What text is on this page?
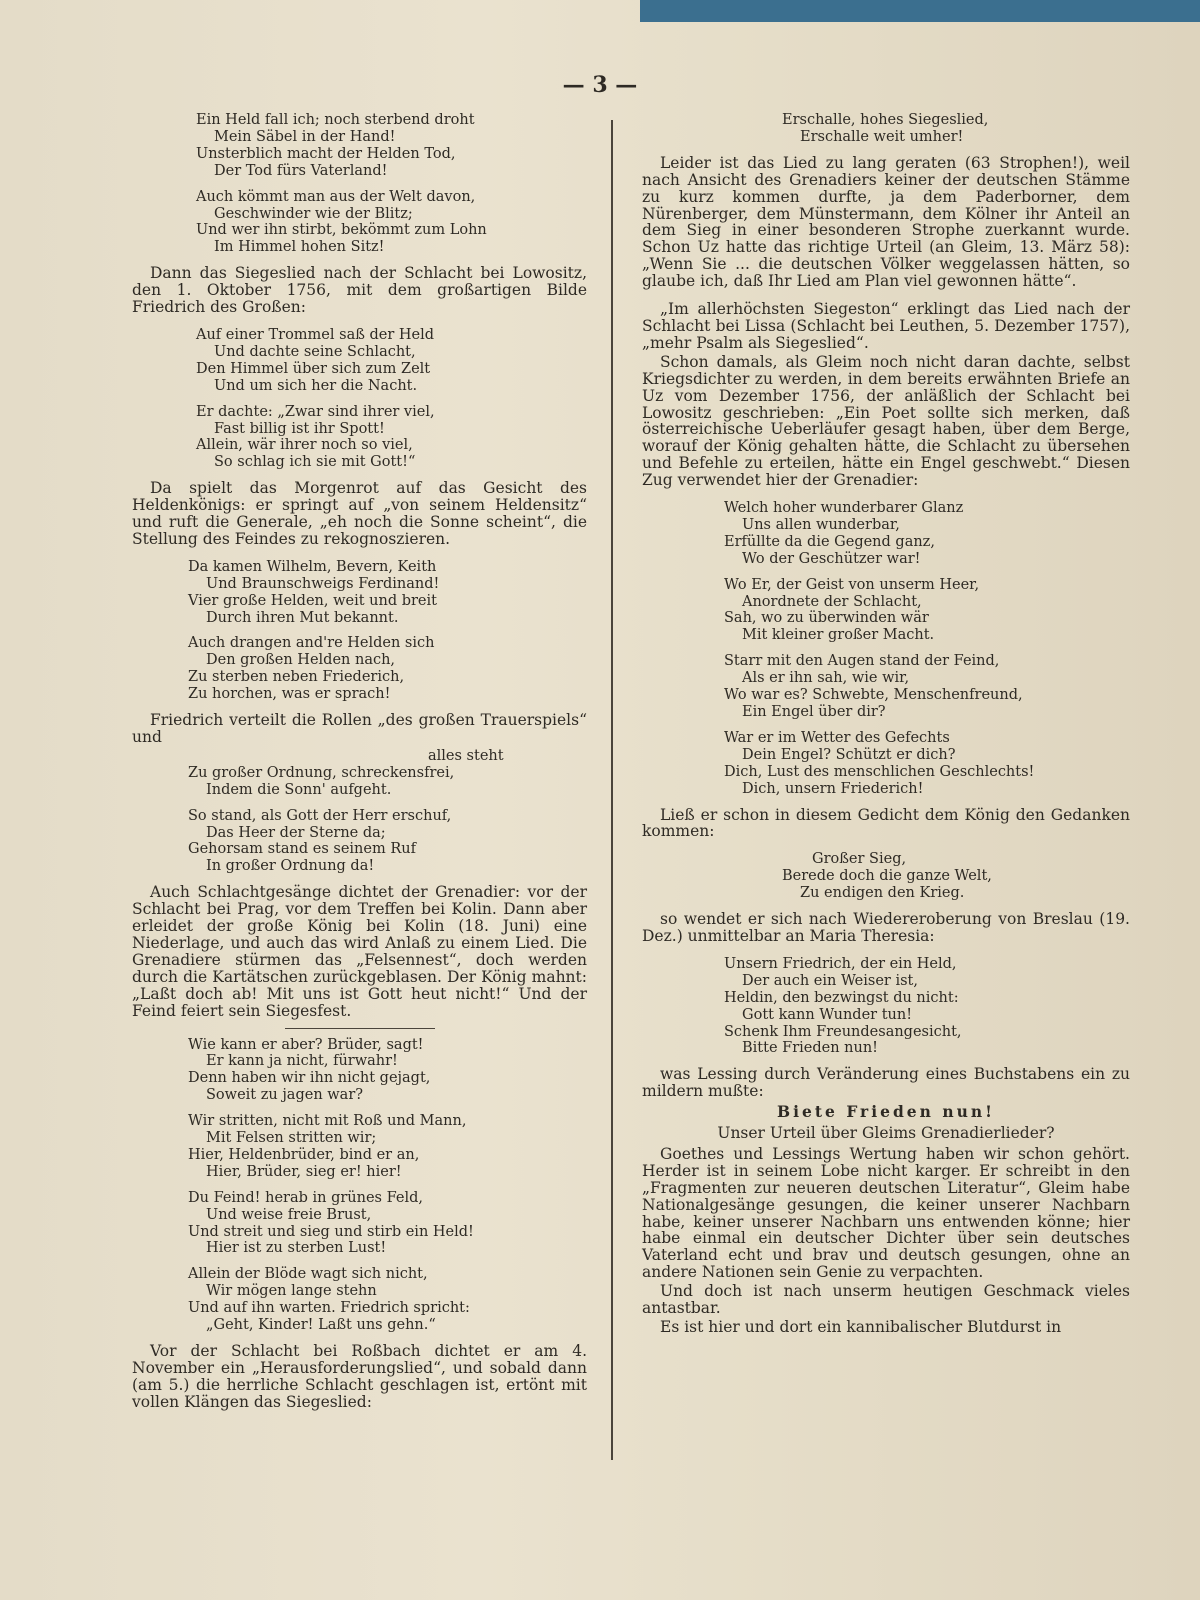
— 3 —
Ein Held fall ich; noch sterbend droht
Mein Säbel in der Hand!
Unsterblich macht der Helden Tod,
Der Tod fürs Vaterland!
Auch kömmt man aus der Welt davon,
Geschwinder wie der Blitz;
Und wer ihn stirbt, bekömmt zum Lohn
Im Himmel hohen Sitz!

Dann das Siegeslied nach der Schlacht bei Lowositz, den 1. Oktober 1756, mit dem großartigen Bilde Friedrich des Großen:

Auf einer Trommel saß der Held
Und dachte seine Schlacht,
Den Himmel über sich zum Zelt
Und um sich her die Nacht.
Er dachte: „Zwar sind ihrer viel,
Fast billig ist ihr Spott!
Allein, wär ihrer noch so viel,
So schlag ich sie mit Gott!“

Da spielt das Morgenrot auf das Gesicht des Heldenkönigs: er springt auf „von seinem Heldensitz“ und ruft die Generale, „eh noch die Sonne scheint“, die Stellung des Feindes zu rekognoszieren.

Da kamen Wilhelm, Bevern, Keith
Und Braunschweigs Ferdinand!
Vier große Helden, weit und breit
Durch ihren Mut bekannt.
Auch drangen and're Helden sich
Den großen Helden nach,
Zu sterben neben Friederich,
Zu horchen, was er sprach!

Friedrich verteilt die Rollen „des großen Trauerspiels“ und

alles steht
Zu großer Ordnung, schreckensfrei,
Indem die Sonn' aufgeht.
So stand, als Gott der Herr erschuf,
Das Heer der Sterne da;
Gehorsam stand es seinem Ruf
In großer Ordnung da!

Auch Schlachtgesänge dichtet der Grenadier: vor der Schlacht bei Prag, vor dem Treffen bei Kolin. Dann aber erleidet der große König bei Kolin (18. Juni) eine Niederlage, und auch das wird Anlaß zu einem Lied. Die Grenadiere stürmen das „Felsennest“, doch werden durch die Kartätschen zurückgeblasen. Der König mahnt: „Laßt doch ab! Mit uns ist Gott heut nicht!“ Und der Feind feiert sein Siegesfest.

Wie kann er aber? Brüder, sagt!
Er kann ja nicht, fürwahr!
Denn haben wir ihn nicht gejagt,
Soweit zu jagen war?
Wir stritten, nicht mit Roß und Mann,
Mit Felsen stritten wir;
Hier, Heldenbrüder, bind er an,
Hier, Brüder, sieg er! hier!
Du Feind! herab in grünes Feld,
Und weise freie Brust,
Und streit und sieg und stirb ein Held!
Hier ist zu sterben Lust!
Allein der Blöde wagt sich nicht,
Wir mögen lange stehn
Und auf ihn warten. Friedrich spricht:
„Geht, Kinder! Laßt uns gehn.“

Vor der Schlacht bei Roßbach dichtet er am 4. November ein „Herausforderungslied“, und sobald dann (am 5.) die herrliche Schlacht geschlagen ist, ertönt mit vollen Klängen das Siegeslied:

Erschalle, hohes Siegeslied,
Erschalle weit umher!

Leider ist das Lied zu lang geraten (63 Strophen!), weil nach Ansicht des Grenadiers keiner der deutschen Stämme zu kurz kommen durfte, ja dem Paderborner, dem Nürenberger, dem Münstermann, dem Kölner ihr Anteil an dem Sieg in einer besonderen Strophe zuerkannt wurde. Schon Uz hatte das richtige Urteil (an Gleim, 13. März 58): „Wenn Sie ... die deutschen Völker weggelassen hätten, so glaube ich, daß Ihr Lied am Plan viel gewonnen hätte“.

„Im allerhöchsten Siegeston“ erklingt das Lied nach der Schlacht bei Lissa (Schlacht bei Leuthen, 5. Dezember 1757), „mehr Psalm als Siegeslied“.

Schon damals, als Gleim noch nicht daran dachte, selbst Kriegsdichter zu werden, in dem bereits erwähnten Briefe an Uz vom Dezember 1756, der anläßlich der Schlacht bei Lowositz geschrieben: „Ein Poet sollte sich merken, daß österreichische Ueberläufer gesagt haben, über dem Berge, worauf der König gehalten hätte, die Schlacht zu übersehen und Befehle zu erteilen, hätte ein Engel geschwebt.“ Diesen Zug verwendet hier der Grenadier:

Welch hoher wunderbarer Glanz
Uns allen wunderbar,
Erfüllte da die Gegend ganz,
Wo der Geschützer war!
Wo Er, der Geist von unserm Heer,
Anordnete der Schlacht,
Sah, wo zu überwinden wär
Mit kleiner großer Macht.
Starr mit den Augen stand der Feind,
Als er ihn sah, wie wir,
Wo war es? Schwebte, Menschenfreund,
Ein Engel über dir?
War er im Wetter des Gefechts
Dein Engel? Schützt er dich?
Dich, Lust des menschlichen Geschlechts!
Dich, unsern Friederich!

Ließ er schon in diesem Gedicht dem König den Gedanken kommen:

Großer Sieg,
Berede doch die ganze Welt,
Zu endigen den Krieg.

so wendet er sich nach Wiedereroberung von Breslau (19. Dez.) unmittelbar an Maria Theresia:

Unsern Friedrich, der ein Held,
Der auch ein Weiser ist,
Heldin, den bezwingst du nicht:
Gott kann Wunder tun!
Schenk Ihm Freundesangesicht,
Bitte Frieden nun!

was Lessing durch Veränderung eines Buchstabens ein zu mildern mußte:

Biete Frieden nun!
Unser Urteil über Gleims Grenadierlieder?

Goethes und Lessings Wertung haben wir schon gehört. Herder ist in seinem Lobe nicht karger. Er schreibt in den „Fragmenten zur neueren deutschen Literatur“, Gleim habe Nationalgesänge gesungen, die keiner unserer Nachbarn habe, keiner unserer Nachbarn uns entwenden könne; hier habe einmal ein deutscher Dichter über sein deutsches Vaterland echt und brav und deutsch gesungen, ohne an andere Nationen sein Genie zu verpachten.

Und doch ist nach unserm heutigen Geschmack vieles antastbar.

Es ist hier und dort ein kannibalischer Blutdurst in
